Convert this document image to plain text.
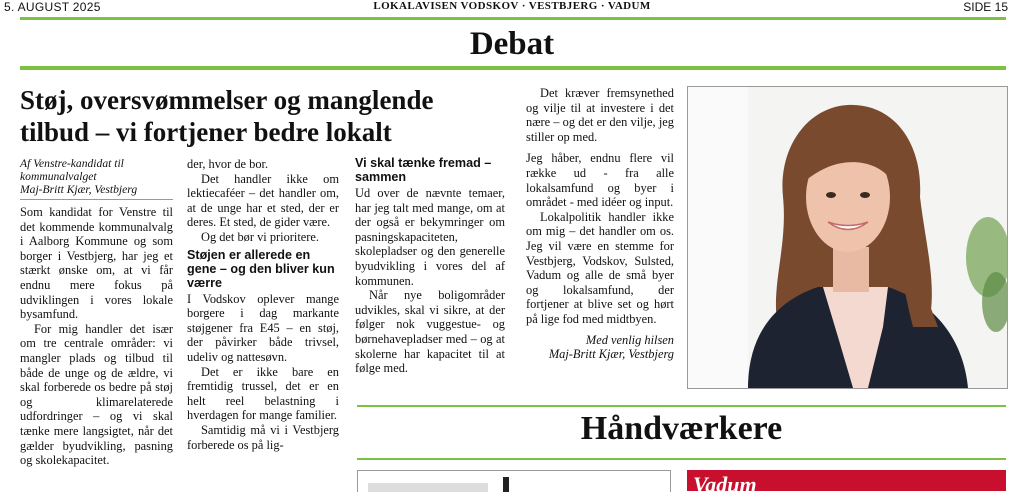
5. AUGUST 2025	LOKALAVISEN VODSKOV · VESTBJERG · VADUM	SIDE 15
Debat
Støj, oversvømmelser og manglende
tilbud – vi fortjener bedre lokalt
Af Venstre-kandidat til
kommunalvalget
Maj-Britt Kjær, Vestbjerg

Som kandidat for Venstre til det kommende kommunalvalg i Aalborg Kommune og som borger i Vestbjerg, har jeg et stærkt ønske om, at vi får endnu mere fokus på udviklingen i vores lokale bysamfund.

For mig handler det især om tre centrale områder: vi mangler plads og tilbud til både de unge og de ældre, vi skal forberede os bedre på støj og klimarelaterede udfordringer – og vi skal tænke mere langsigtet, når det gælder byudvikling, pasning og skolekapacitet.

der, hvor de bor.

Det handler ikke om lektiecaféer – det handler om, at de unge har et sted, der er deres. Et sted, de gider være.

Og det bør vi prioritere.

Støjen er allerede en gene – og den bliver kun værre

I Vodskov oplever mange borgere i dag markante støjgener fra E45 – en støj, der påvirker både trivsel, udeliv og nattesøvn.

Det er ikke bare en fremtidig trussel, det er en helt reel belastning i hverdagen for mange familier.

Samtidig må vi i Vestbjerg forberede os på lig-

Vi skal tænke fremad – sammen

Ud over de nævnte temaer, har jeg talt med mange, om at der også er bekymringer om pasningskapaciteten, skolepladser og den generelle byudvikling i vores del af kommunen.

Når nye boligområder udvikles, skal vi sikre, at der følger nok vuggestue- og børnehavepladser med – og at skolerne har kapacitet til at følge med.

Det kræver fremsynethed og vilje til at investere i det nære – og det er den vilje, jeg stiller op med.

Jeg håber, endnu flere vil række ud - fra alle lokalsamfund og byer i området - med idéer og input.

Lokalpolitik handler ikke om mig – det handler om os. Jeg vil være en stemme for Vestbjerg, Vodskov, Sulsted, Vadum og alle de små byer og lokalsamfund, der fortjener at blive set og hørt på lige fod med midtbyen.

Med venlig hilsen
Maj-Britt Kjær, Vestbjerg
Håndværkere
Vadum
